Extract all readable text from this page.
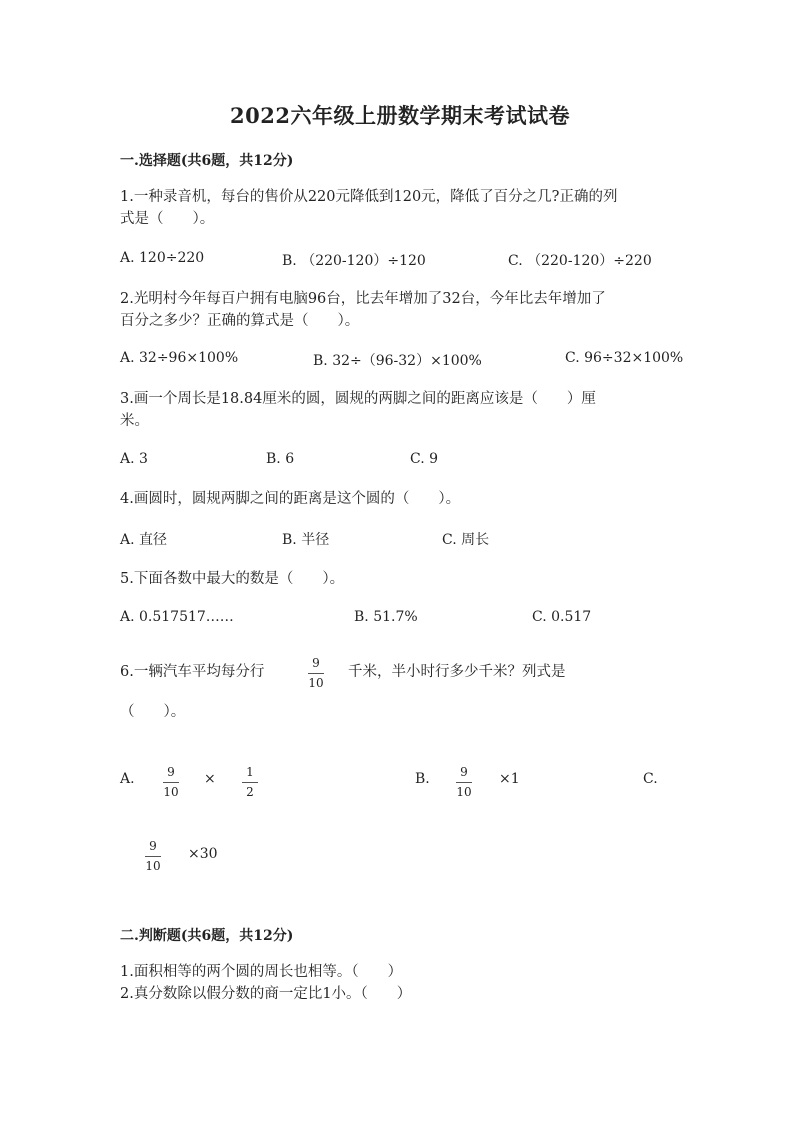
2022六年级上册数学期末考试试卷
一.选择题(共6题，共12分)
1.一种录音机，每台的售价从220元降低到120元，降低了百分之几?正确的列
式是（　　）。
A. 120÷220	B. （220-120）÷120	C. （220-120）÷220
2.光明村今年每百户拥有电脑96台，比去年增加了32台，今年比去年增加了
百分之多少？正确的算式是（　　）。
A. 32÷96×100%	B. 32÷（96-32）×100%	C. 96÷32×100%
3.画一个周长是18.84厘米的圆，圆规的两脚之间的距离应该是（　　）厘
米。
A. 3	B. 6	C. 9
4.画圆时，圆规两脚之间的距离是这个圆的（　　）。
A. 直径	B. 半径	C. 周长
5.下面各数中最大的数是（　　）。
A. 0.517517……	B. 51.7%	C. 0.517
6.一辆汽车平均每分行
9
10
千米，半小时行多少千米？列式是
（　　）。
A.	9
10
×	1
2
B.	9
10
×1	C.
9
10
×30
二.判断题(共6题，共12分)
1.面积相等的两个圆的周长也相等。（　　）
2.真分数除以假分数的商一定比1小。（　　）
